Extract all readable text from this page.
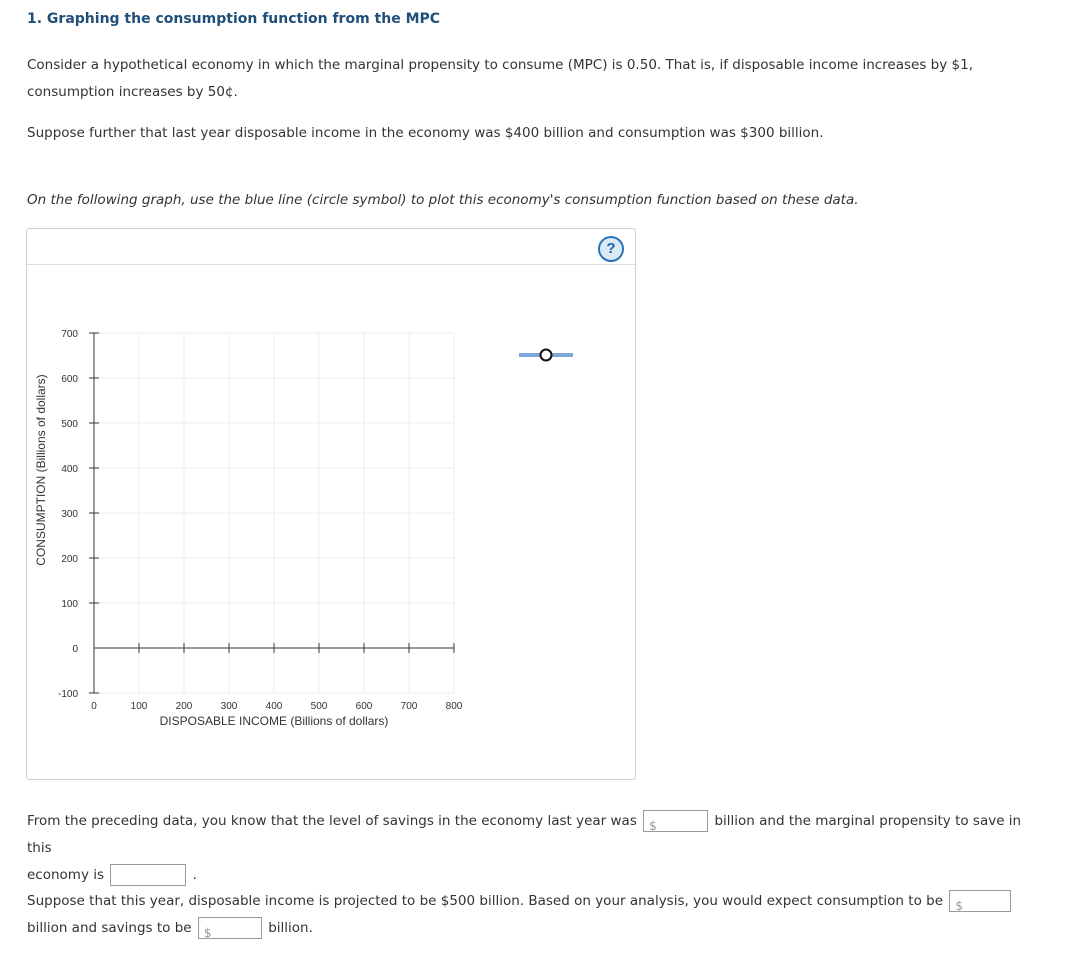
1. Graphing the consumption function from the MPC

Consider a hypothetical economy in which the marginal propensity to consume (MPC) is 0.50. That is, if disposable income increases by $1,
consumption increases by 50¢.

Suppose further that last year disposable income in the economy was $400 billion and consumption was $300 billion.

On the following graph, use the blue line (circle symbol) to plot this economy's consumption function based on these data.

?
0	100	200	300	400	500	600	700	800
700
600
500
400
300
200
100
0
-100
DISPOSABLE INCOME (Billions of dollars)
CONSUMPTION (Billions of dollars)
From the preceding data, you know that the level of savings in the economy last year was $	billion and the marginal propensity to save in this
economy is	.
Suppose that this year, disposable income is projected to be $500 billion. Based on your analysis, you would expect consumption to be $

billion and savings to be $	billion.
